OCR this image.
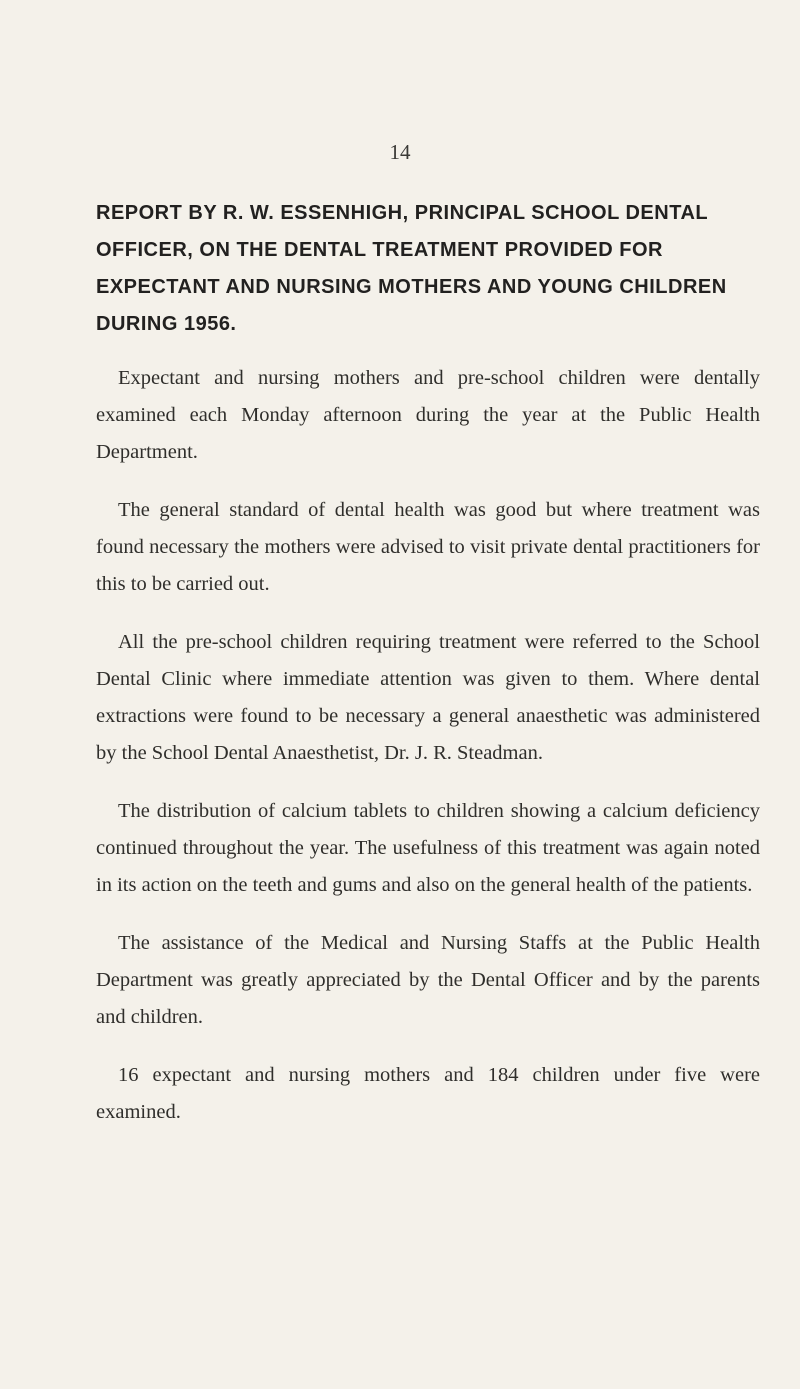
14
REPORT BY R. W. ESSENHIGH, PRINCIPAL SCHOOL DENTAL
OFFICER, ON THE DENTAL TREATMENT PROVIDED FOR
EXPECTANT AND NURSING MOTHERS AND YOUNG CHILDREN
DURING 1956.

Expectant and nursing mothers and pre-school children were dentally examined each Monday afternoon during the year at the Public Health Department.

The general standard of dental health was good but where treatment was found necessary the mothers were advised to visit private dental practitioners for this to be carried out.

All the pre-school children requiring treatment were referred to the School Dental Clinic where immediate attention was given to them. Where dental extractions were found to be necessary a general anaesthetic was administered by the School Dental Anaesthetist, Dr. J. R. Steadman.

The distribution of calcium tablets to children showing a calcium deficiency continued throughout the year. The usefulness of this treatment was again noted in its action on the teeth and gums and also on the general health of the patients.

The assistance of the Medical and Nursing Staffs at the Public Health Department was greatly appreciated by the Dental Officer and by the parents and children.

16 expectant and nursing mothers and 184 children under five were examined.
